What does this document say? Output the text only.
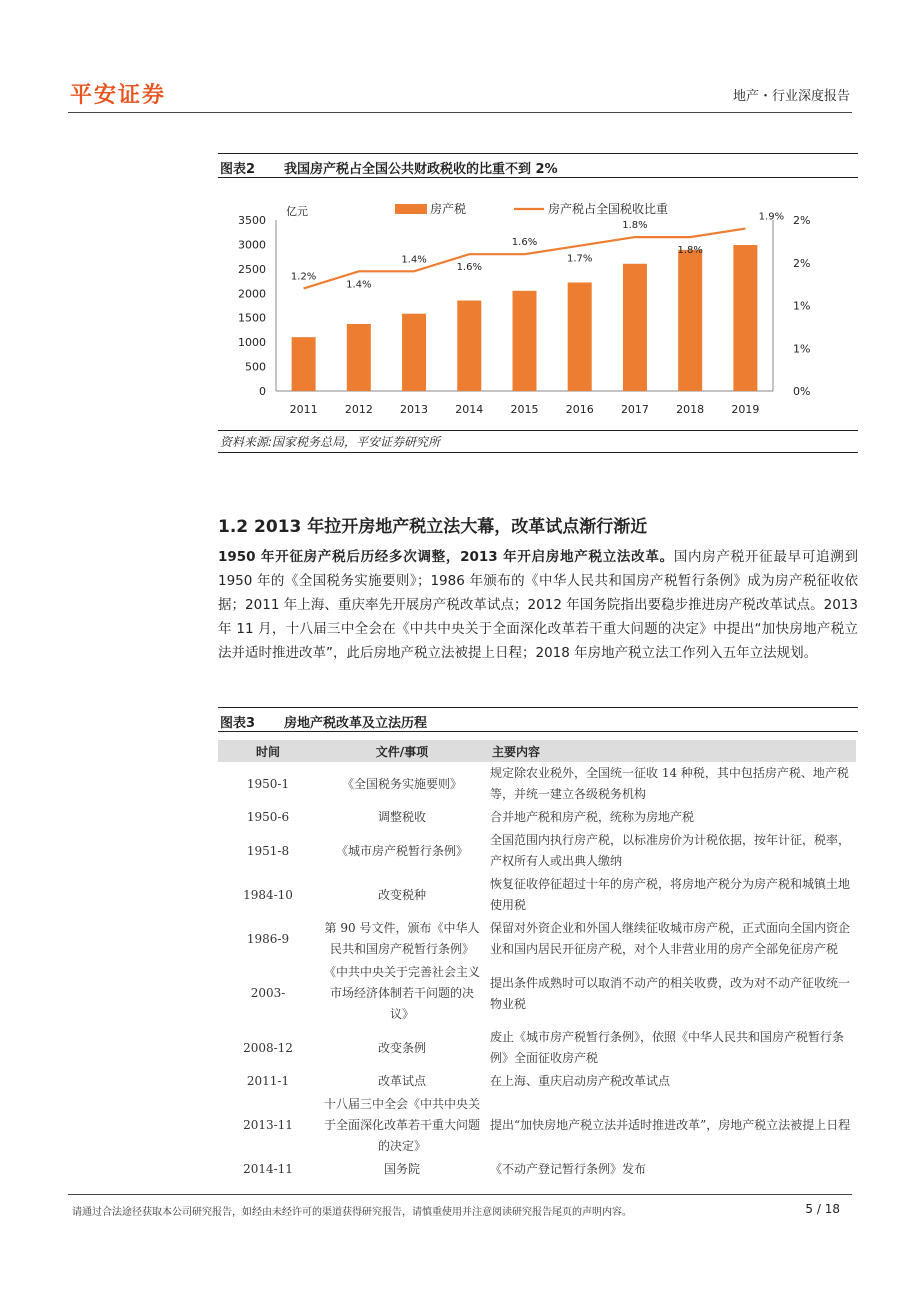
平安证券	地产・行业深度报告
图表2 我国房产税占全国公共财政税收的比重不到 2%
0
500
1000
1500
2000
2500
3000
3500
亿元
0%
1%
1%
2%
2%
2011 2012 2013 2014 2015 2016 2017 2018 2019
1.2%
1.4%
1.4%
1.6%
1.6%
1.7%
1.8%
1.8%
1.9%
房产税	房产税占全国税收比重
资料来源:国家税务总局，平安证券研究所
1.2 2013 年拉开房地产税立法大幕，改革试点渐行渐近
1950 年开征房产税后历经多次调整，2013 年开启房地产税立法改革。国内房产税开征最早可追溯到 1950 年的《全国税务实施要则》；1986 年颁布的《中华人民共和国房产税暂行条例》成为房产税征收依据；2011 年上海、重庆率先开展房产税改革试点；2012 年国务院指出要稳步推进房产税改革试点。2013 年 11 月，十八届三中全会在《中共中央关于全面深化改革若干重大问题的决定》中提出“加快房地产税立法并适时推进改革”，此后房地产税立法被提上日程；2018 年房地产税立法工作列入五年立法规划。
图表3 房地产税改革及立法历程
时间	文件/事项	主要内容
1950-1	《全国税务实施要则》	规定除农业税外，全国统一征收 14 种税，其中包括房产税、地产税等，并统一建立各级税务机构
1950-6	调整税收	合并地产税和房产税，统称为房地产税
1951-8	《城市房产税暂行条例》	全国范围内执行房产税，以标准房价为计税依据，按年计征，税率，产权所有人或出典人缴纳
1984-10	改变税种	恢复征收停征超过十年的房产税，将房地产税分为房产税和城镇土地使用税
1986-9	第 90 号文件，颁布《中华人民共和国房产税暂行条例》	保留对外资企业和外国人继续征收城市房产税，正式面向全国内资企业和国内居民开征房产税，对个人非营业用的房产全部免征房产税
2003-	《中共中央关于完善社会主义市场经济体制若干问题的决议》	提出条件成熟时可以取消不动产的相关收费，改为对不动产征收统一物业税
2008-12	改变条例	废止《城市房产税暂行条例》，依照《中华人民共和国房产税暂行条例》全面征收房产税
2011-1	改革试点	在上海、重庆启动房产税改革试点
2013-11	十八届三中全会《中共中央关于全面深化改革若干重大问题的决定》	提出“加快房地产税立法并适时推进改革”，房地产税立法被提上日程
2014-11	国务院	《不动产登记暂行条例》发布
请通过合法途径获取本公司研究报告，如经由未经许可的渠道获得研究报告，请慎重使用并注意阅读研究报告尾页的声明内容。	5 / 18
